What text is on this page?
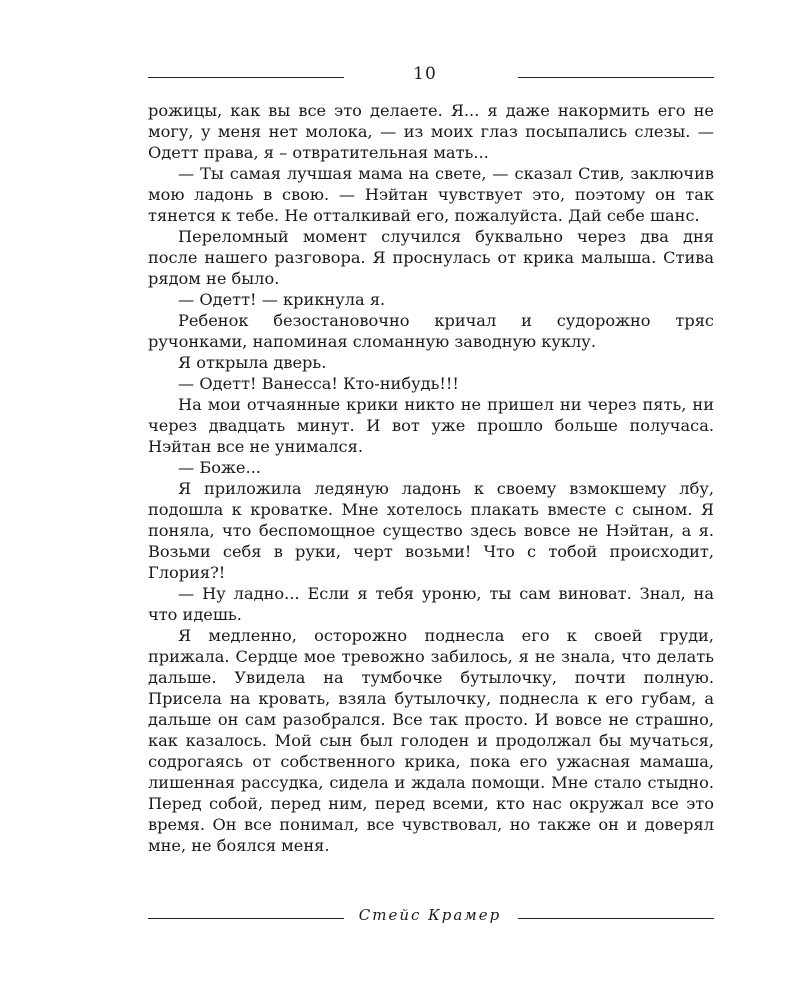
10

рожицы, как вы все это делаете. Я... я даже накормить его не могу, у меня нет молока, — из моих глаз посыпались слезы. — Одетт права, я – отвратительная мать...

— Ты самая лучшая мама на свете, — сказал Стив, заключив мою ладонь в свою. — Нэйтан чувствует это, поэтому он так тянется к тебе. Не отталкивай его, пожалуйста. Дай себе шанс.

Переломный момент случился буквально через два дня после нашего разговора. Я проснулась от крика малыша. Стива рядом не было.

— Одетт! — крикнула я.

Ребенок безостановочно кричал и судорожно тряс ручонками, напоминая сломанную заводную куклу.

Я открыла дверь.

— Одетт! Ванесса! Кто-нибудь!!!

На мои отчаянные крики никто не пришел ни через пять, ни через двадцать минут. И вот уже прошло больше получаса. Нэйтан все не унимался.

— Боже...

Я приложила ледяную ладонь к своему взмокшему лбу, подошла к кроватке. Мне хотелось плакать вместе с сыном. Я поняла, что беспомощное существо здесь вовсе не Нэйтан, а я. Возьми себя в руки, черт возьми! Что с тобой происходит, Глория?!

— Ну ладно... Если я тебя уроню, ты сам виноват. Знал, на что идешь.

Я медленно, осторожно поднесла его к своей груди, прижала. Сердце мое тревожно забилось, я не знала, что делать дальше. Увидела на тумбочке бутылочку, почти полную. Присела на кровать, взяла бутылочку, поднесла к его губам, а дальше он сам разобрался. Все так просто. И вовсе не страшно, как казалось. Мой сын был голоден и продолжал бы мучаться, содрогаясь от собственного крика, пока его ужасная мамаша, лишенная рассудка, сидела и ждала помощи. Мне стало стыдно. Перед собой, перед ним, перед всеми, кто нас окружал все это время. Он все понимал, все чувствовал, но также он и доверял мне, не боялся меня.

Стейс Крамер
